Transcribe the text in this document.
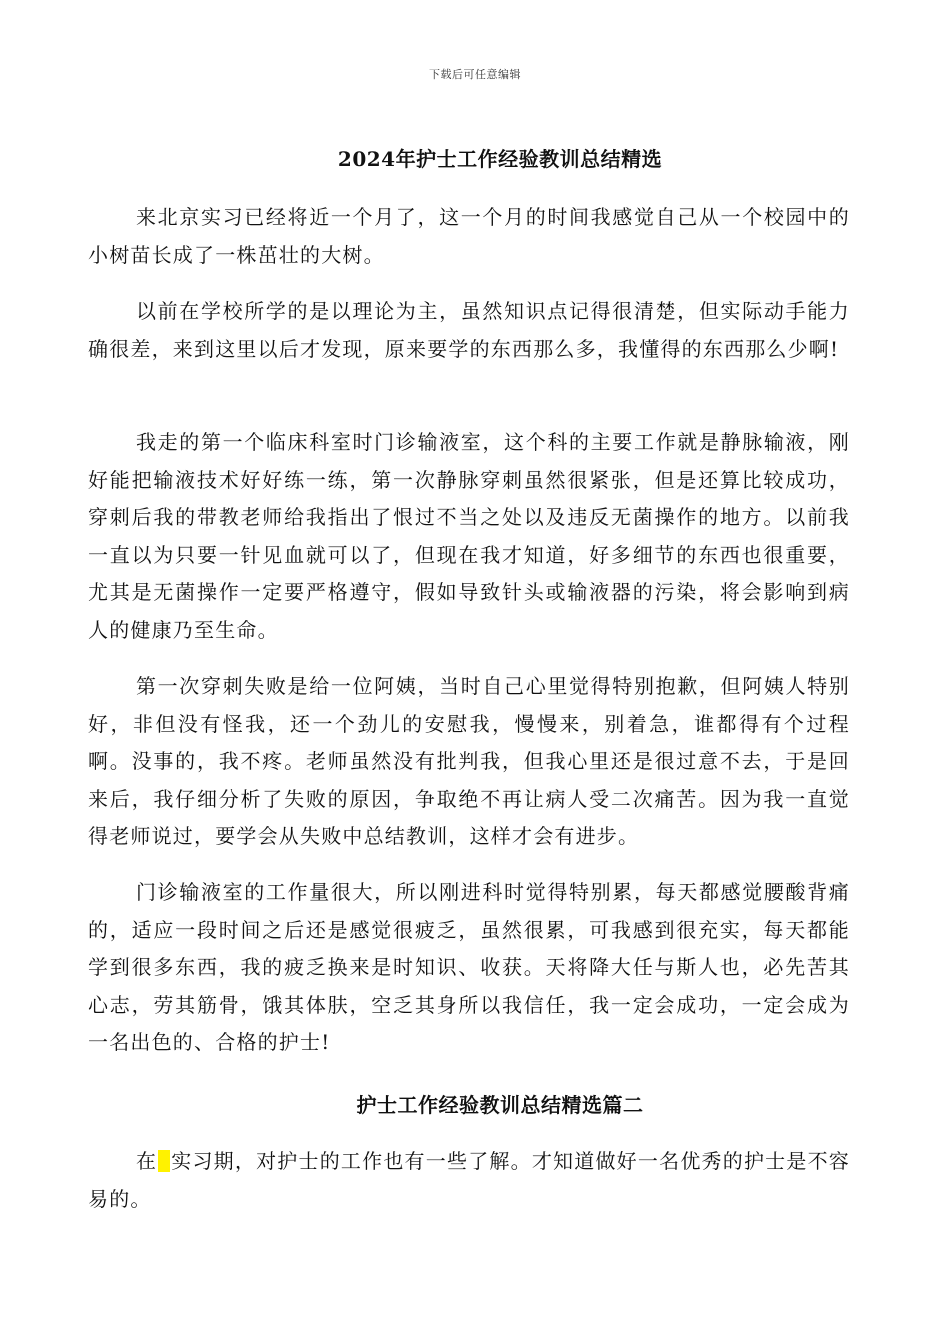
下载后可任意编辑
2024年护士工作经验教训总结精选

来北京实习已经将近一个月了，这一个月的时间我感觉自己从一个校园中的小树苗长成了一株茁壮的大树。

以前在学校所学的是以理论为主，虽然知识点记得很清楚，但实际动手能力确很差，来到这里以后才发现，原来要学的东西那么多，我懂得的东西那么少啊!

我走的第一个临床科室时门诊输液室，这个科的主要工作就是静脉输液，刚好能把输液技术好好练一练，第一次静脉穿刺虽然很紧张，但是还算比较成功，穿刺后我的带教老师给我指出了恨过不当之处以及违反无菌操作的地方。以前我一直以为只要一针见血就可以了，但现在我才知道，好多细节的东西也很重要，尤其是无菌操作一定要严格遵守，假如导致针头或输液器的污染，将会影响到病人的健康乃至生命。

第一次穿刺失败是给一位阿姨，当时自己心里觉得特别抱歉，但阿姨人特别好，非但没有怪我，还一个劲儿的安慰我，慢慢来，别着急，谁都得有个过程啊。没事的，我不疼。老师虽然没有批判我，但我心里还是很过意不去，于是回来后，我仔细分析了失败的原因，争取绝不再让病人受二次痛苦。因为我一直觉得老师说过，要学会从失败中总结教训，这样才会有进步。

门诊输液室的工作量很大，所以刚进科时觉得特别累，每天都感觉腰酸背痛的，适应一段时间之后还是感觉很疲乏，虽然很累，可我感到很充实，每天都能学到很多东西，我的疲乏换来是时知识、收获。天将降大任与斯人也，必先苦其心志，劳其筋骨，饿其体肤，空乏其身所以我信任，我一定会成功，一定会成为一名出色的、合格的护士!

护士工作经验教训总结精选篇二

在 实习期，对护士的工作也有一些了解。才知道做好一名优秀的护士是不容易的。
